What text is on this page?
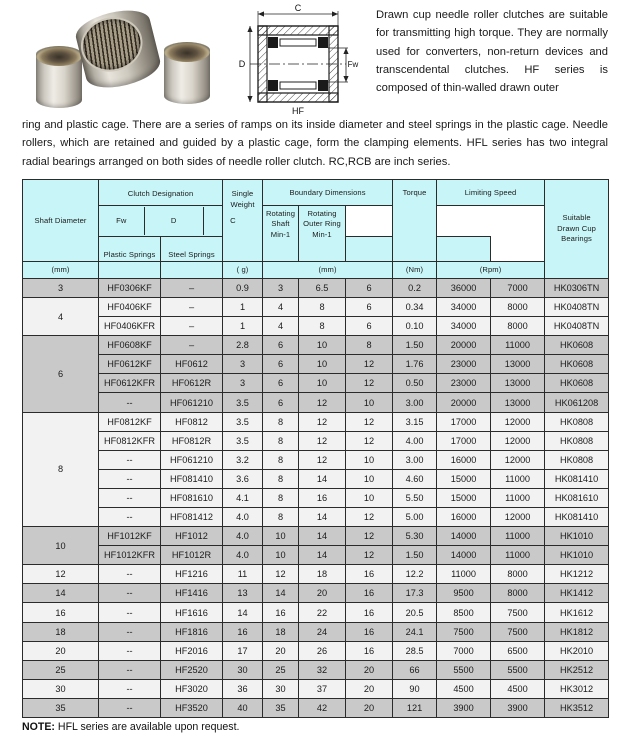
C
D	Fw
HF
Drawn cup needle roller clutches are suitable for transmitting high torque. They are normally used for converters, non-return devices and transcendental clutches. HF series is composed of thin-walled drawn outer
ring and plastic cage. There are a series of ramps on its inside diameter and steel springs in the plastic cage. Needle rollers, which are retained and guided by a plastic cage, form the clamping elements. HFL series has two integral radial bearings arranged on both sides of needle roller clutch. RC,RCB are inch series.
Shaft Diameter	Clutch Designation	Single
Weight	Boundary Dimensions	Torque	Limiting Speed	Suitable
Drawn Cup
Bearings

Fw	D	C
	Rotating
Shaft
Min-1	Rotating
Outer Ring
Min-1
Plastic Springs	Steel Springs	
(mm)			( g)	(mm)	(Nm)	(Rpm)
3	HF0306KF	–	0.9	3	6.5	6	0.2	36000	7000	HK0306TN
4	HF0406KF	–	1	4	8	6	0.34	34000	8000	HK0408TN
HF0406KFR	–	1	4	8	6	0.10	34000	8000	HK0408TN
6	HF0608KF	–	2.8	6	10	8	1.50	20000	11000	HK0608
HF0612KF	HF0612	3	6	10	12	1.76	23000	13000	HK0608
HF0612KFR	HF0612R	3	6	10	12	0.50	23000	13000	HK0608
--	HF061210	3.5	6	12	10	3.00	20000	13000	HK061208
8	HF0812KF	HF0812	3.5	8	12	12	3.15	17000	12000	HK0808
HF0812KFR	HF0812R	3.5	8	12	12	4.00	17000	12000	HK0808
--	HF061210	3.2	8	12	10	3.00	16000	12000	HK0808
--	HF081410	3.6	8	14	10	4.60	15000	11000	HK081410
--	HF081610	4.1	8	16	10	5.50	15000	11000	HK081610
--	HF081412	4.0	8	14	12	5.00	16000	12000	HK081410
10	HF1012KF	HF1012	4.0	10	14	12	5.30	14000	11000	HK1010
HF1012KFR	HF1012R	4.0	10	14	12	1.50	14000	11000	HK1010
12	--	HF1216	11	12	18	16	12.2	11000	8000	HK1212
14	--	HF1416	13	14	20	16	17.3	9500	8000	HK1412
16	--	HF1616	14	16	22	16	20.5	8500	7500	HK1612
18	--	HF1816	16	18	24	16	24.1	7500	7500	HK1812
20	--	HF2016	17	20	26	16	28.5	7000	6500	HK2010
25	--	HF2520	30	25	32	20	66	5500	5500	HK2512
30	--	HF3020	36	30	37	20	90	4500	4500	HK3012
35	--	HF3520	40	35	42	20	121	3900	3900	HK3512
NOTE: HFL series are available upon request.
